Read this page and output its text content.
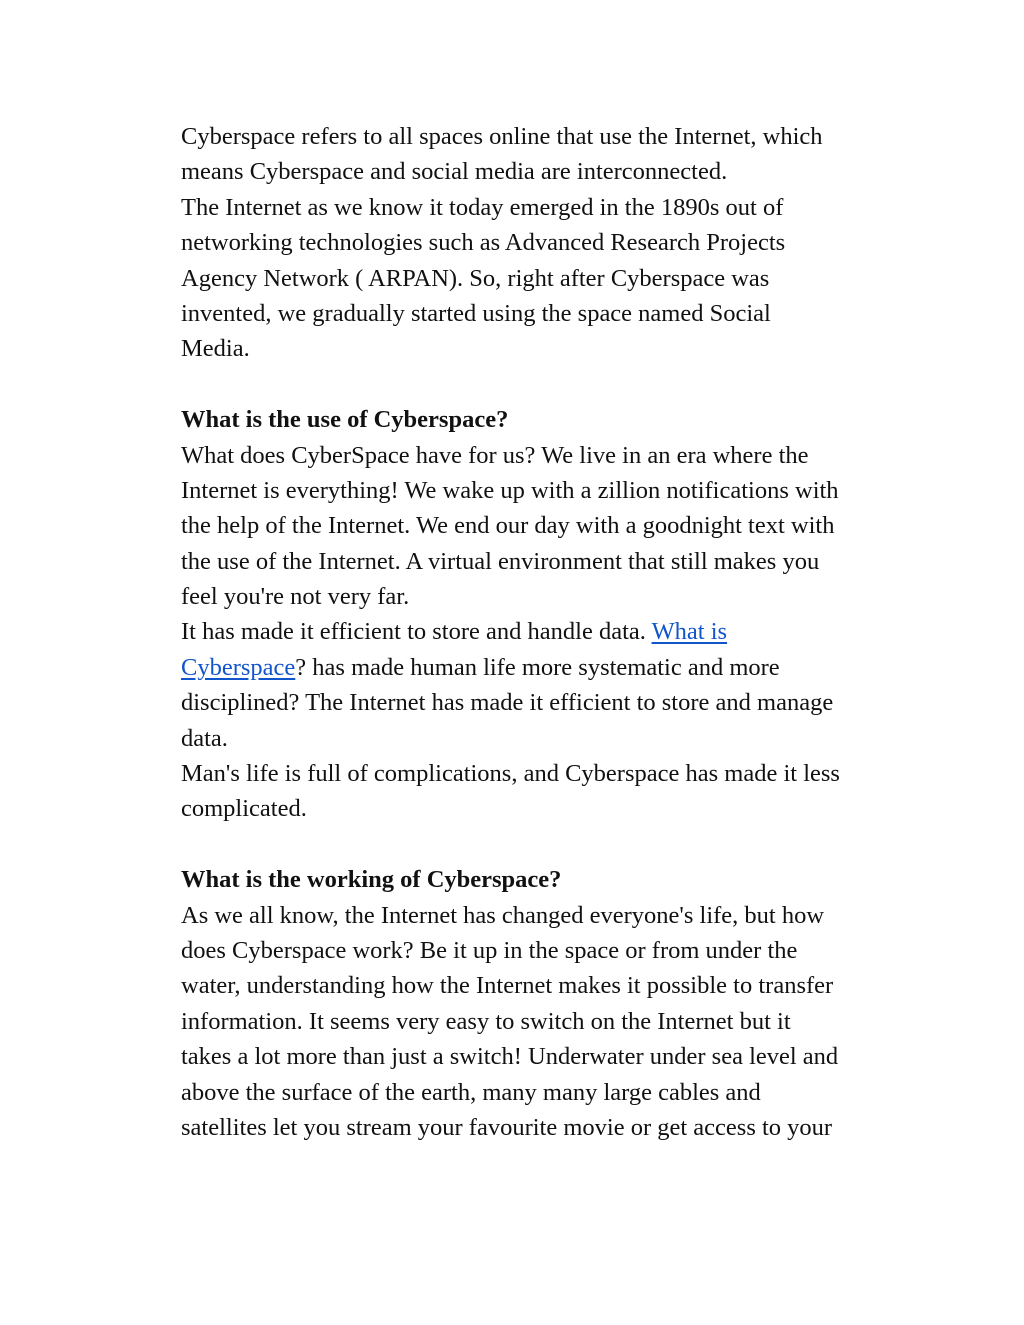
Cyberspace refers to all spaces online that use the Internet, which
means Cyberspace and social media are interconnected.
The Internet as we know it today emerged in the 1890s out of
networking technologies such as Advanced Research Projects
Agency Network ( ARPAN). So, right after Cyberspace was
invented, we gradually started using the space named Social
Media.
What is the use of Cyberspace?
What does CyberSpace have for us? We live in an era where the
Internet is everything! We wake up with a zillion notifications with
the help of the Internet. We end our day with a goodnight text with
the use of the Internet. A virtual environment that still makes you
feel you're not very far.
It has made it efficient to store and handle data. What is
Cyberspace? has made human life more systematic and more
disciplined? The Internet has made it efficient to store and manage
data.
Man's life is full of complications, and Cyberspace has made it less
complicated.
What is the working of Cyberspace?
As we all know, the Internet has changed everyone's life, but how
does Cyberspace work? Be it up in the space or from under the
water, understanding how the Internet makes it possible to transfer
information. It seems very easy to switch on the Internet but it
takes a lot more than just a switch! Underwater under sea level and
above the surface of the earth, many many large cables and
satellites let you stream your favourite movie or get access to your
